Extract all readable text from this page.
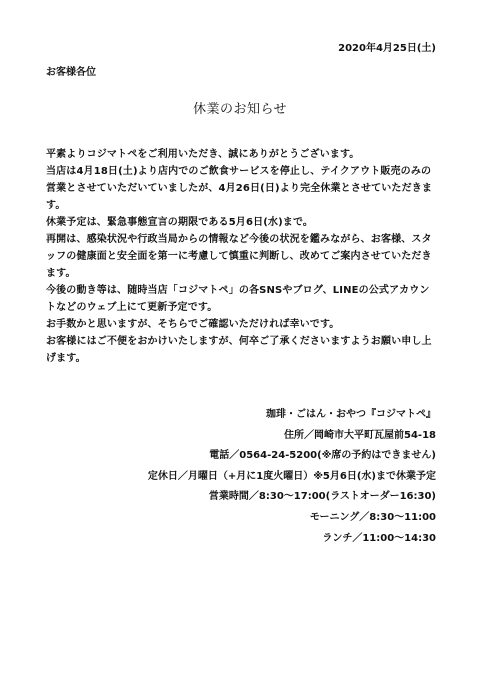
2020年4月25日(土)
お客様各位
休業のお知らせ

平素よりコジマトペをご利用いただき、誠にありがとうございます。

当店は4月18日(土)より店内でのご飲食サービスを停止し、テイクアウト販売のみの営業とさせていただいていましたが、4月26日(日)より完全休業とさせていただきます。

休業予定は、緊急事態宣言の期限である5月6日(水)まで。

再開は、感染状況や行政当局からの情報など今後の状況を鑑みながら、お客様、スタッフの健康面と安全面を第一に考慮して慎重に判断し、改めてご案内させていただきます。

今後の動き等は、随時当店「コジマトペ」の各SNSやブログ、LINEの公式アカウントなどのウェブ上にて更新予定です。

お手数かと思いますが、そちらでご確認いただければ幸いです。

お客様にはご不便をおかけいたしますが、何卒ご了承くださいますようお願い申し上げます。

珈琲・ごはん・おやつ『コジマトペ』
住所／岡崎市大平町瓦屋前54-18
電話／0564-24-5200(※席の予約はできません)
定休日／月曜日（+月に1度火曜日）※5月6日(水)まで休業予定
営業時間／8:30〜17:00(ラストオーダー16:30)
モーニング／8:30〜11:00
ランチ／11:00〜14:30
